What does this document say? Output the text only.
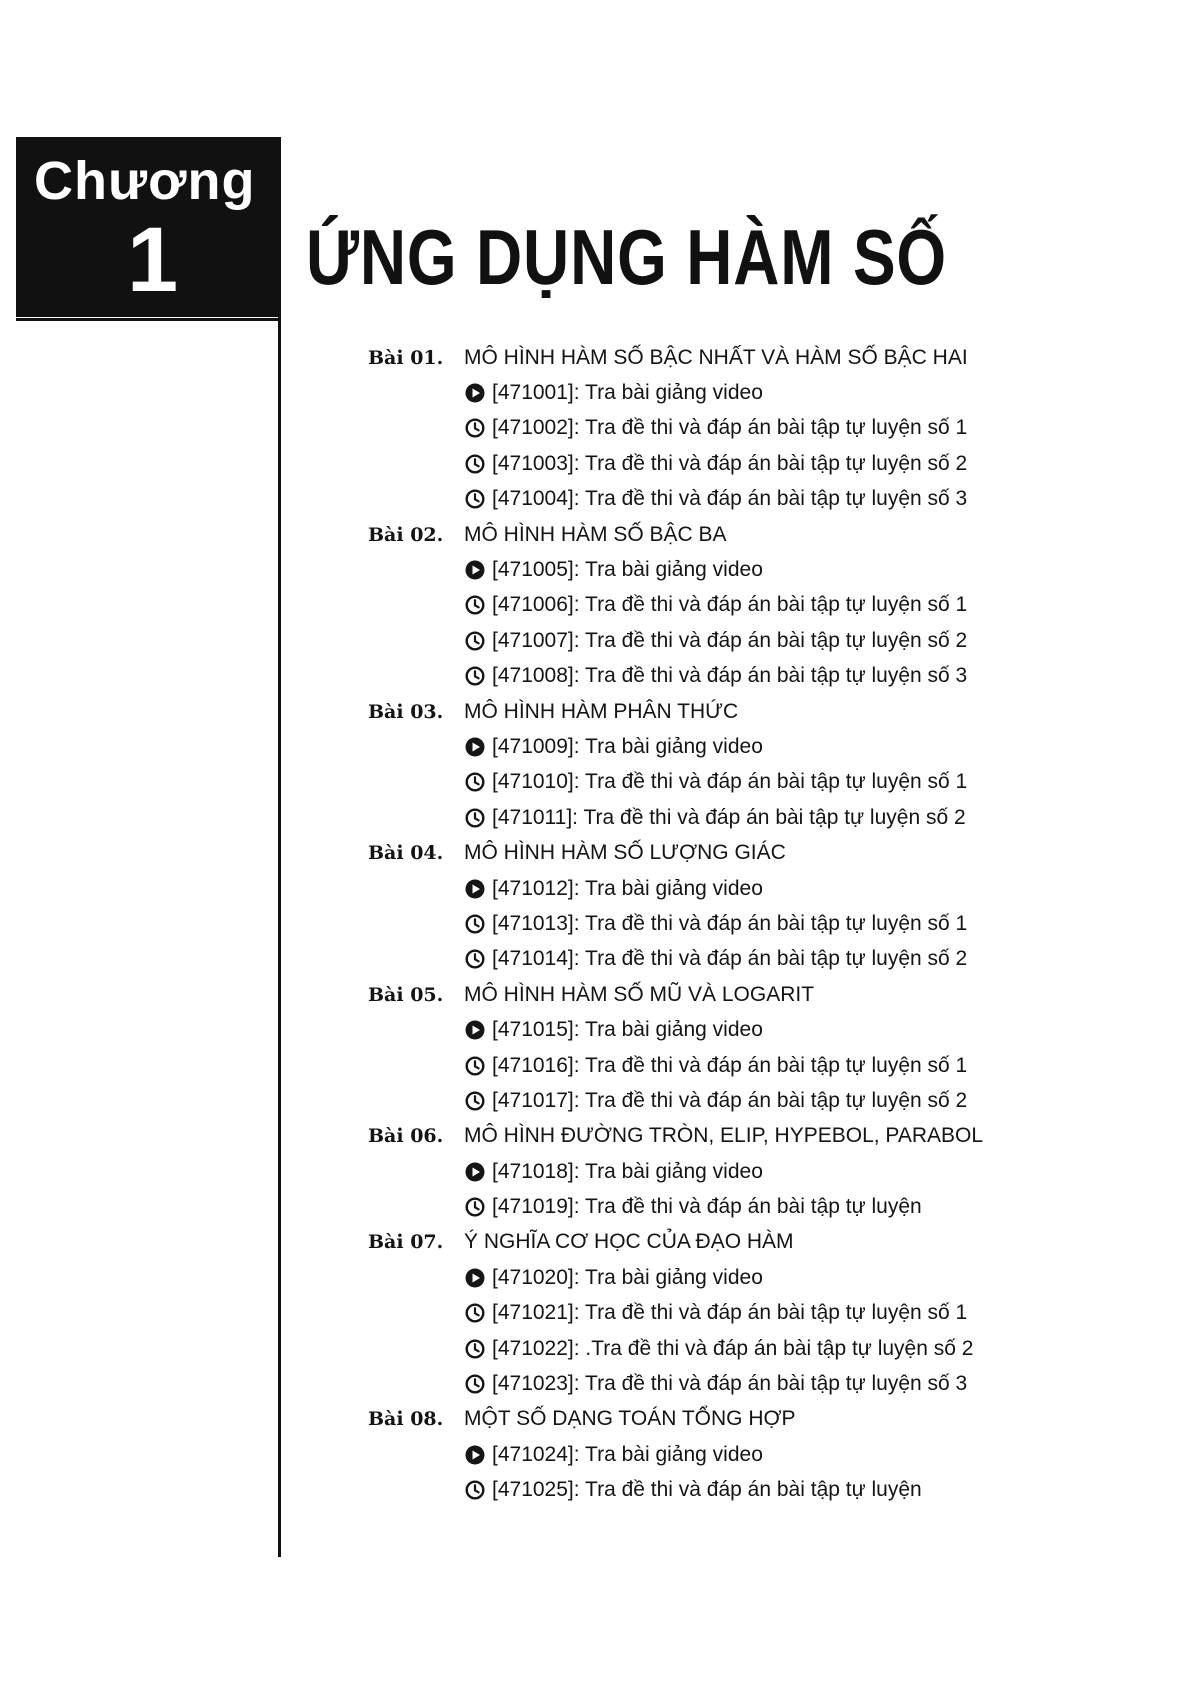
Chương
1 ỨNG DỤNG HÀM SỐ
Bài 01. MÔ HÌNH HÀM SỐ BẬC NHẤT VÀ HÀM SỐ BẬC HAI
[471001]: Tra bài giảng video
[471002]: Tra đề thi và đáp án bài tập tự luyện số 1
[471003]: Tra đề thi và đáp án bài tập tự luyện số 2
[471004]: Tra đề thi và đáp án bài tập tự luyện số 3
Bài 02. MÔ HÌNH HÀM SỐ BẬC BA
[471005]: Tra bài giảng video
[471006]: Tra đề thi và đáp án bài tập tự luyện số 1
[471007]: Tra đề thi và đáp án bài tập tự luyện số 2
[471008]: Tra đề thi và đáp án bài tập tự luyện số 3
Bài 03. MÔ HÌNH HÀM PHÂN THỨC
[471009]: Tra bài giảng video
[471010]: Tra đề thi và đáp án bài tập tự luyện số 1
[471011]: Tra đề thi và đáp án bài tập tự luyện số 2
Bài 04. MÔ HÌNH HÀM SỐ LƯỢNG GIÁC
[471012]: Tra bài giảng video
[471013]: Tra đề thi và đáp án bài tập tự luyện số 1
[471014]: Tra đề thi và đáp án bài tập tự luyện số 2
Bài 05. MÔ HÌNH HÀM SỐ MŨ VÀ LOGARIT
[471015]: Tra bài giảng video
[471016]: Tra đề thi và đáp án bài tập tự luyện số 1
[471017]: Tra đề thi và đáp án bài tập tự luyện số 2
Bài 06. MÔ HÌNH ĐƯỜNG TRÒN, ELIP, HYPEBOL, PARABOL
[471018]: Tra bài giảng video
[471019]: Tra đề thi và đáp án bài tập tự luyện
Bài 07. Ý NGHĨA CƠ HỌC CỦA ĐẠO HÀM
[471020]: Tra bài giảng video
[471021]: Tra đề thi và đáp án bài tập tự luyện số 1
[471022]: .Tra đề thi và đáp án bài tập tự luyện số 2
[471023]: Tra đề thi và đáp án bài tập tự luyện số 3
Bài 08. MỘT SỐ DẠNG TOÁN TỔNG HỢP
[471024]: Tra bài giảng video
[471025]: Tra đề thi và đáp án bài tập tự luyện
